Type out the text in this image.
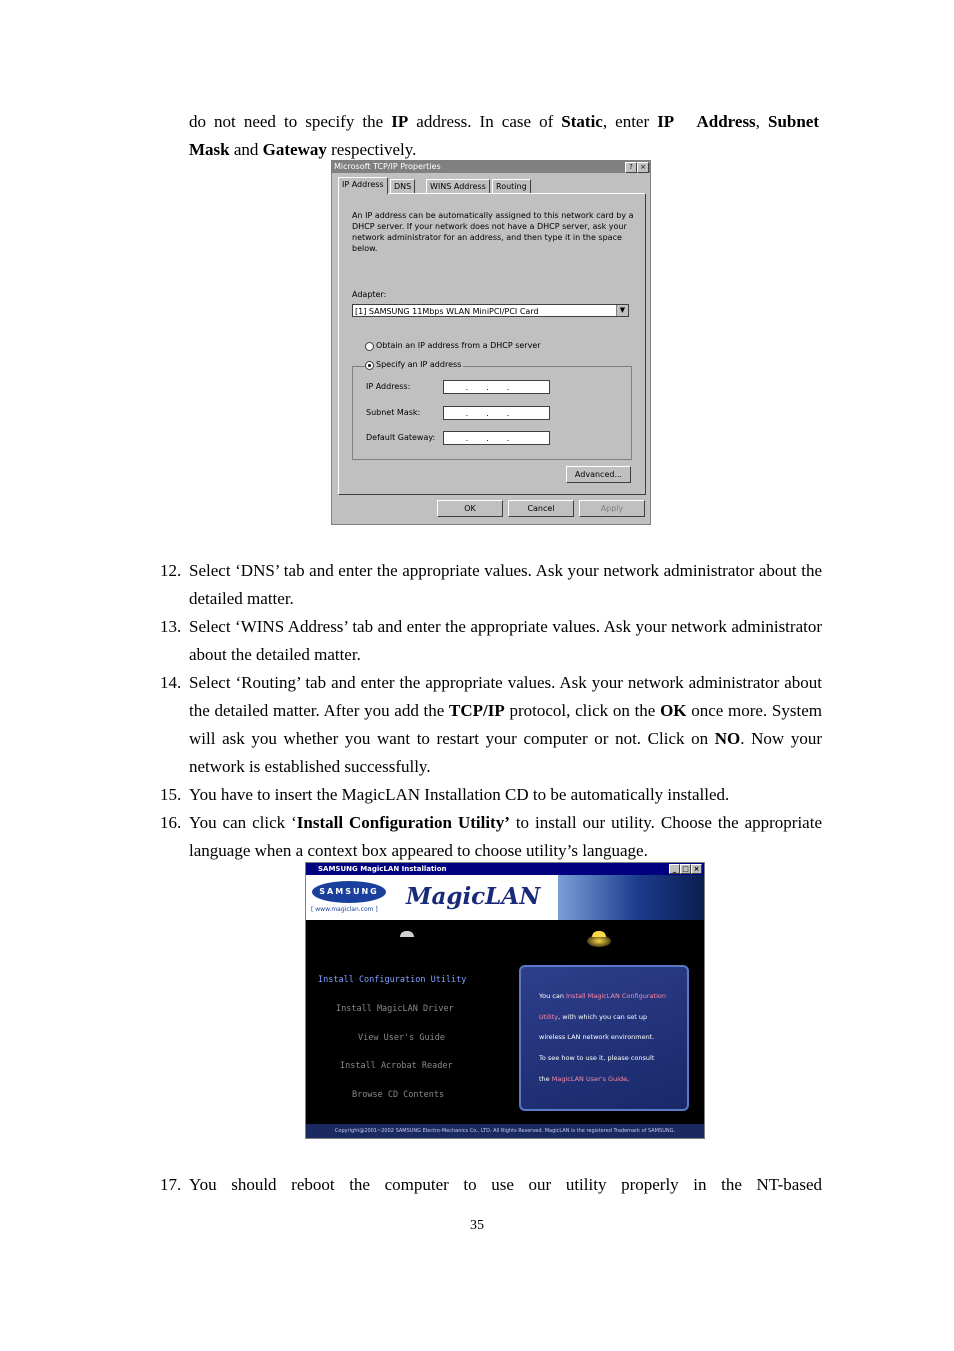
do not need to specify the IP address. In case of Static, enter IP   Address, Subnet
Mask and Gateway respectively.
Microsoft TCP/IP Properties	?	×
IP Address	DNS	WINS Address	Routing
An IP address can be automatically assigned to this network card by a
DHCP server. If your network does not have a DHCP server, ask your
network administrator for an address, and then type it in the space
below.
Adapter:
[1] SAMSUNG 11Mbps WLAN MiniPCI/PCI Card	▼
Obtain an IP address from a DHCP server
Specify an IP address
IP Address:	...
Subnet Mask:	...
Default Gateway:	...
Advanced...
OK	Cancel	Apply
12. Select ‘DNS’ tab and enter the appropriate values. Ask your network administrator about the detailed matter.
13. Select ‘WINS Address’ tab and enter the appropriate values. Ask your network administrator about the detailed matter.
14. Select ‘Routing’ tab and enter the appropriate values. Ask your network administrator about the detailed matter. After you add the TCP/IP protocol, click on the OK once more. System will ask you whether you want to restart your computer or not. Click on NO. Now your network is established successfully.
15. You have to insert the MagicLAN Installation CD to be automatically installed.
16. You can click ‘Install Configuration Utility’ to install our utility. Choose the appropriate language when a context box appeared to choose utility’s language.
SAMSUNG MagicLAN Installation	_ □ ×
SAMSUNG
[ www.magiclan.com ] MagicLAN
Install Configuration Utility
Install MagicLAN Driver
View User's Guide
Install Acrobat Reader
Browse CD Contents
You can Install MagicLAN Configuration
Utility, with which you can set up
wireless LAN network environment.
To see how to use it, please consult
the MagicLAN User's Guide.
Copyright@2001~2002 SAMSUNG Electro-Mechanics Co., LTD. All Rights Reserved. MagicLAN is the registered Trademark of SAMSUNG.
17. You should reboot the computer to use our utility properly in the NT-based
35
